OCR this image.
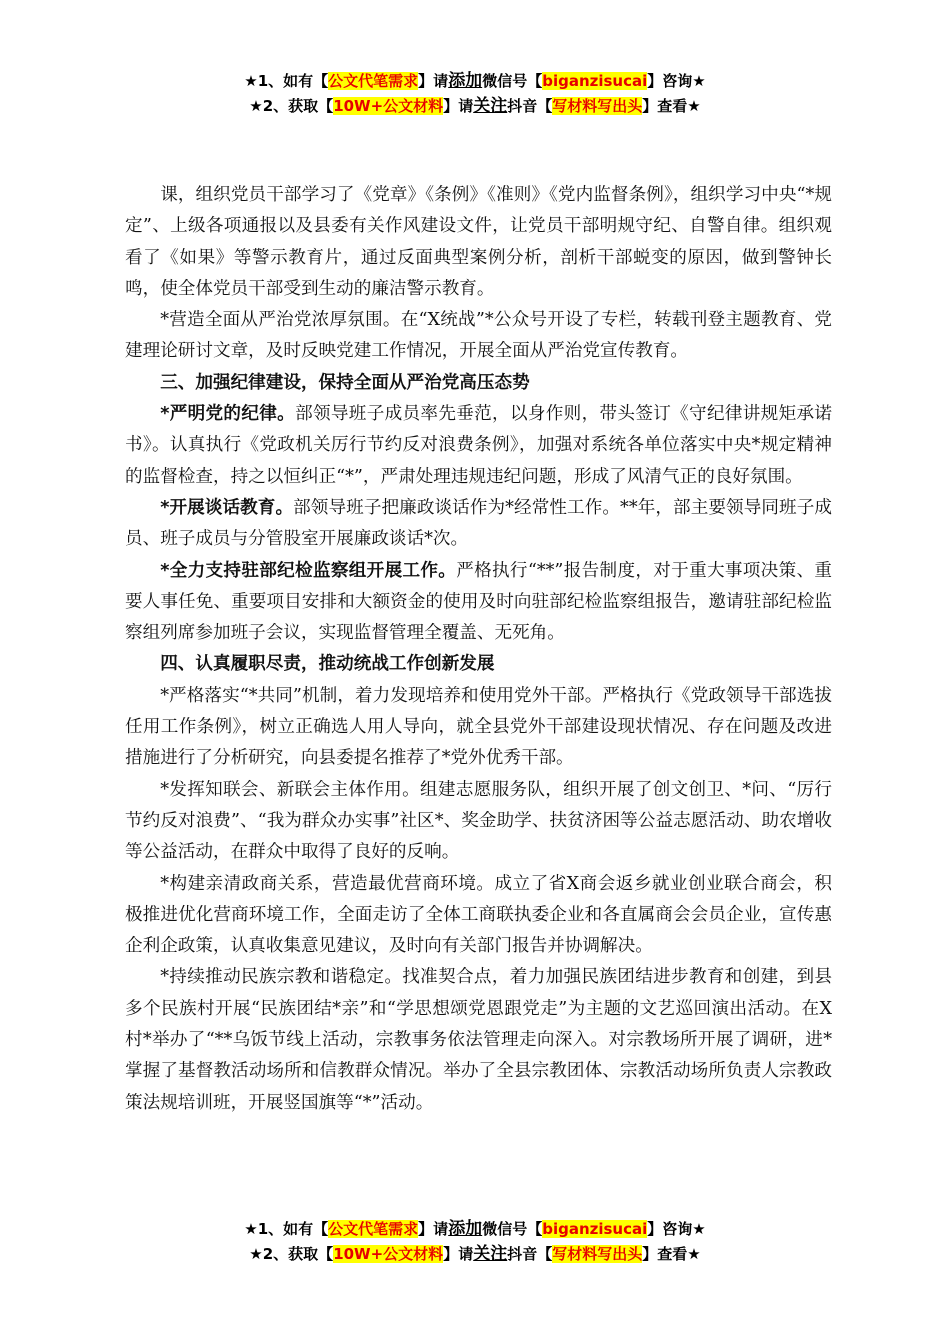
★1、如有【公文代笔需求】请添加微信号【biganzisucai】咨询★
★2、获取【10W+公文材料】请关注抖音【写材料写出头】查看★

课，组织党员干部学习了《党章》《条例》《准则》《党内监督条例》，组织学习中央“*规定”、上级各项通报以及县委有关作风建设文件，让党员干部明规守纪、自警自律。组织观看了《如果》等警示教育片，通过反面典型案例分析，剖析干部蜕变的原因，做到警钟长鸣，使全体党员干部受到生动的廉洁警示教育。

*营造全面从严治党浓厚氛围。在“X统战”*公众号开设了专栏，转载刊登主题教育、党建理论研讨文章，及时反映党建工作情况，开展全面从严治党宣传教育。

三、加强纪律建设，保持全面从严治党高压态势

*严明党的纪律。部领导班子成员率先垂范，以身作则，带头签订《守纪律讲规矩承诺书》。认真执行《党政机关厉行节约反对浪费条例》，加强对系统各单位落实中央*规定精神的监督检查，持之以恒纠正“*”，严肃处理违规违纪问题，形成了风清气正的良好氛围。

*开展谈话教育。部领导班子把廉政谈话作为*经常性工作。**年，部主要领导同班子成员、班子成员与分管股室开展廉政谈话*次。

*全力支持驻部纪检监察组开展工作。严格执行“**”报告制度，对于重大事项决策、重要人事任免、重要项目安排和大额资金的使用及时向驻部纪检监察组报告，邀请驻部纪检监察组列席参加班子会议，实现监督管理全覆盖、无死角。

四、认真履职尽责，推动统战工作创新发展

*严格落实“*共同”机制，着力发现培养和使用党外干部。严格执行《党政领导干部选拔任用工作条例》，树立正确选人用人导向，就全县党外干部建设现状情况、存在问题及改进措施进行了分析研究，向县委提名推荐了*党外优秀干部。

*发挥知联会、新联会主体作用。组建志愿服务队，组织开展了创文创卫、*问、“厉行节约反对浪费”、“我为群众办实事”社区*、奖金助学、扶贫济困等公益志愿活动、助农增收等公益活动，在群众中取得了良好的反响。

*构建亲清政商关系，营造最优营商环境。成立了省X商会返乡就业创业联合商会，积极推进优化营商环境工作，全面走访了全体工商联执委企业和各直属商会会员企业，宣传惠企利企政策，认真收集意见建议，及时向有关部门报告并协调解决。

*持续推动民族宗教和谐稳定。找准契合点，着力加强民族团结进步教育和创建，到县多个民族村开展“民族团结*亲”和“学思想颂党恩跟党走”为主题的文艺巡回演出活动。在X村*举办了“**乌饭节线上活动，宗教事务依法管理走向深入。对宗教场所开展了调研，进*掌握了基督教活动场所和信教群众情况。举办了全县宗教团体、宗教活动场所负责人宗教政策法规培训班，开展竖国旗等“*”活动。

★1、如有【公文代笔需求】请添加微信号【biganzisucai】咨询★
★2、获取【10W+公文材料】请关注抖音【写材料写出头】查看★
